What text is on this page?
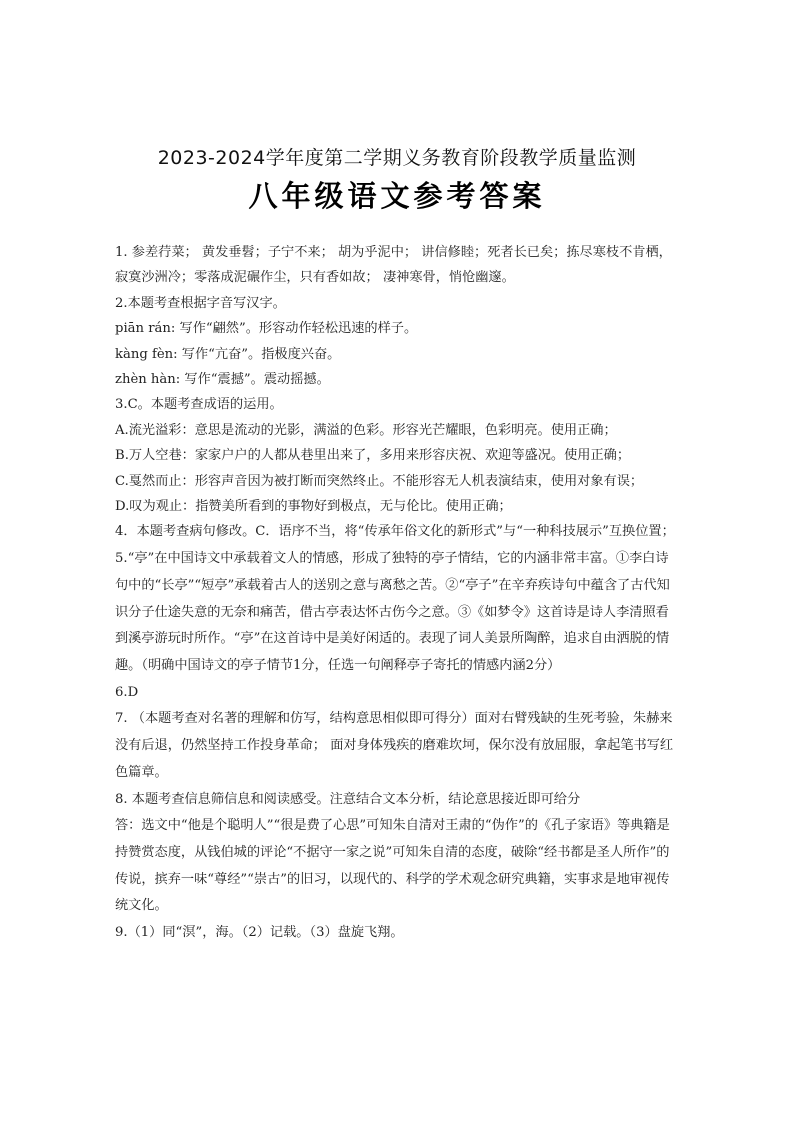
2023-2024学年度第二学期义务教育阶段教学质量监测
八年级语文参考答案

1. 参差荇菜； 黄发垂髫；子宁不来； 胡为乎泥中； 讲信修睦；死者长已矣；拣尽寒枝不肯栖，寂寞沙洲冷；零落成泥碾作尘，只有香如故； 凄神寒骨，悄怆幽邃。

2.本题考查根据字音写汉字。

piān rán: 写作“翩然”。形容动作轻松迅速的样子。

kàng fèn: 写作“亢奋”。指极度兴奋。

zhèn hàn: 写作“震撼”。震动摇撼。

3.C。本题考查成语的运用。

A.流光溢彩：意思是流动的光影，满溢的色彩。形容光芒耀眼，色彩明亮。使用正确；

B.万人空巷：家家户户的人都从巷里出来了，多用来形容庆祝、欢迎等盛况。使用正确；

C.戛然而止：形容声音因为被打断而突然终止。不能形容无人机表演结束，使用对象有误；

D.叹为观止：指赞美所看到的事物好到极点，无与伦比。使用正确；

4．本题考查病句修改。C．语序不当，将“传承年俗文化的新形式”与“一种科技展示”互换位置；

5.“亭”在中国诗文中承载着文人的情感，形成了独特的亭子情结，它的内涵非常丰富。①李白诗句中的“长亭”“短亭”承载着古人的送别之意与离愁之苦。②“亭子”在辛弃疾诗句中蕴含了古代知识分子仕途失意的无奈和痛苦，借古亭表达怀古伤今之意。③《如梦令》这首诗是诗人李清照看到溪亭游玩时所作。“亭”在这首诗中是美好闲适的。表现了词人美景所陶醉，追求自由洒脱的情趣。（明确中国诗文的亭子情节1分，任选一句阐释亭子寄托的情感内涵2分）

6.D

7. （本题考查对名著的理解和仿写，结构意思相似即可得分）面对右臂残缺的生死考验，朱赫来没有后退，仍然坚持工作投身革命； 面对身体残疾的磨难坎坷，保尔没有放屈服，拿起笔书写红色篇章。

8. 本题考查信息筛信息和阅读感受。注意结合文本分析，结论意思接近即可给分

答：选文中“他是个聪明人”“很是费了心思”可知朱自清对王肃的“伪作”的《孔子家语》等典籍是持赞赏态度，从钱伯城的评论“不据守一家之说”可知朱自清的态度，破除“经书都是圣人所作”的传说，摈弃一味“尊经”“崇古”的旧习，以现代的、科学的学术观念研究典籍，实事求是地审视传统文化。

9.（1）同“溟”，海。（2）记载。（3）盘旋飞翔。
